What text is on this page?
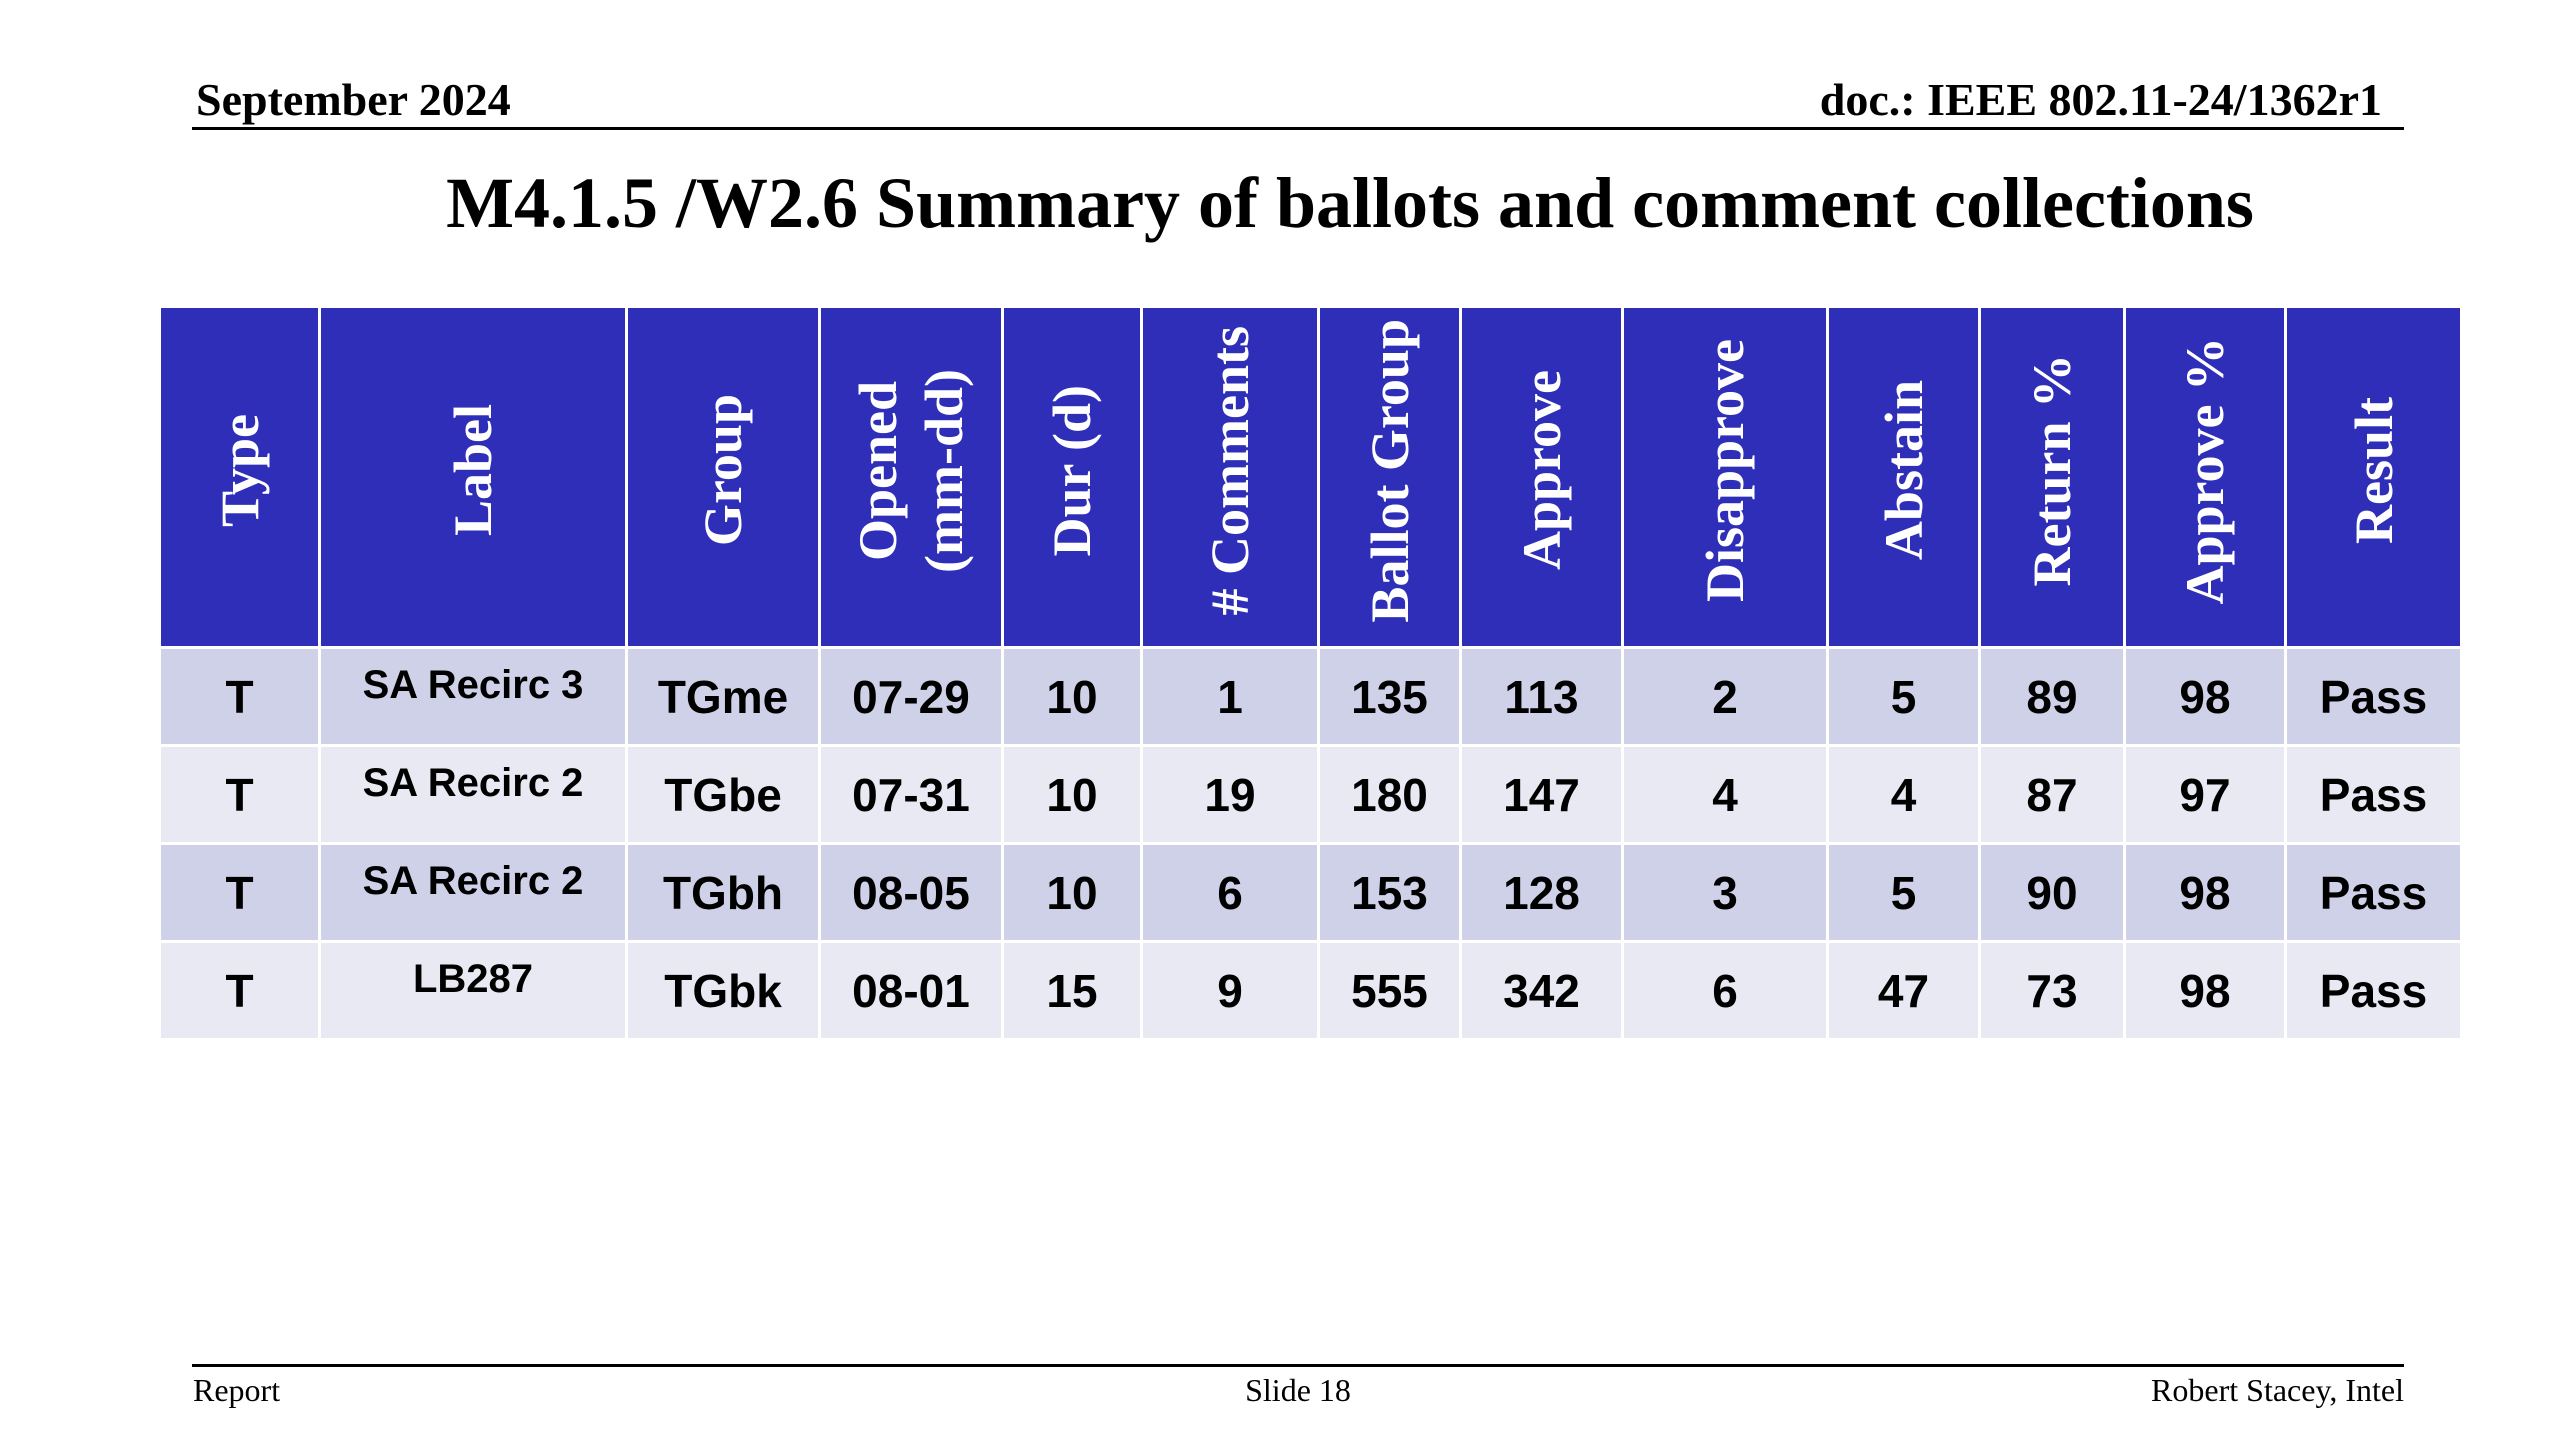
September 2024	doc.: IEEE 802.11-24/1362r1
M4.1.5 /W2.6 Summary of ballots and comment collections
Type	Label	Group	Opened (mm-dd)	Dur (d)	# Comments	Ballot Group	Approve	Disapprove	Abstain	Return %	Approve %	Result
T	SA Recirc 3	TGme	07-29	10	1	135	113	2	5	89	98	Pass
T	SA Recirc 2	TGbe	07-31	10	19	180	147	4	4	87	97	Pass
T	SA Recirc 2	TGbh	08-05	10	6	153	128	3	5	90	98	Pass
T	LB287	TGbk	08-01	15	9	555	342	6	47	73	98	Pass
Report	Slide 18	Robert Stacey, Intel
